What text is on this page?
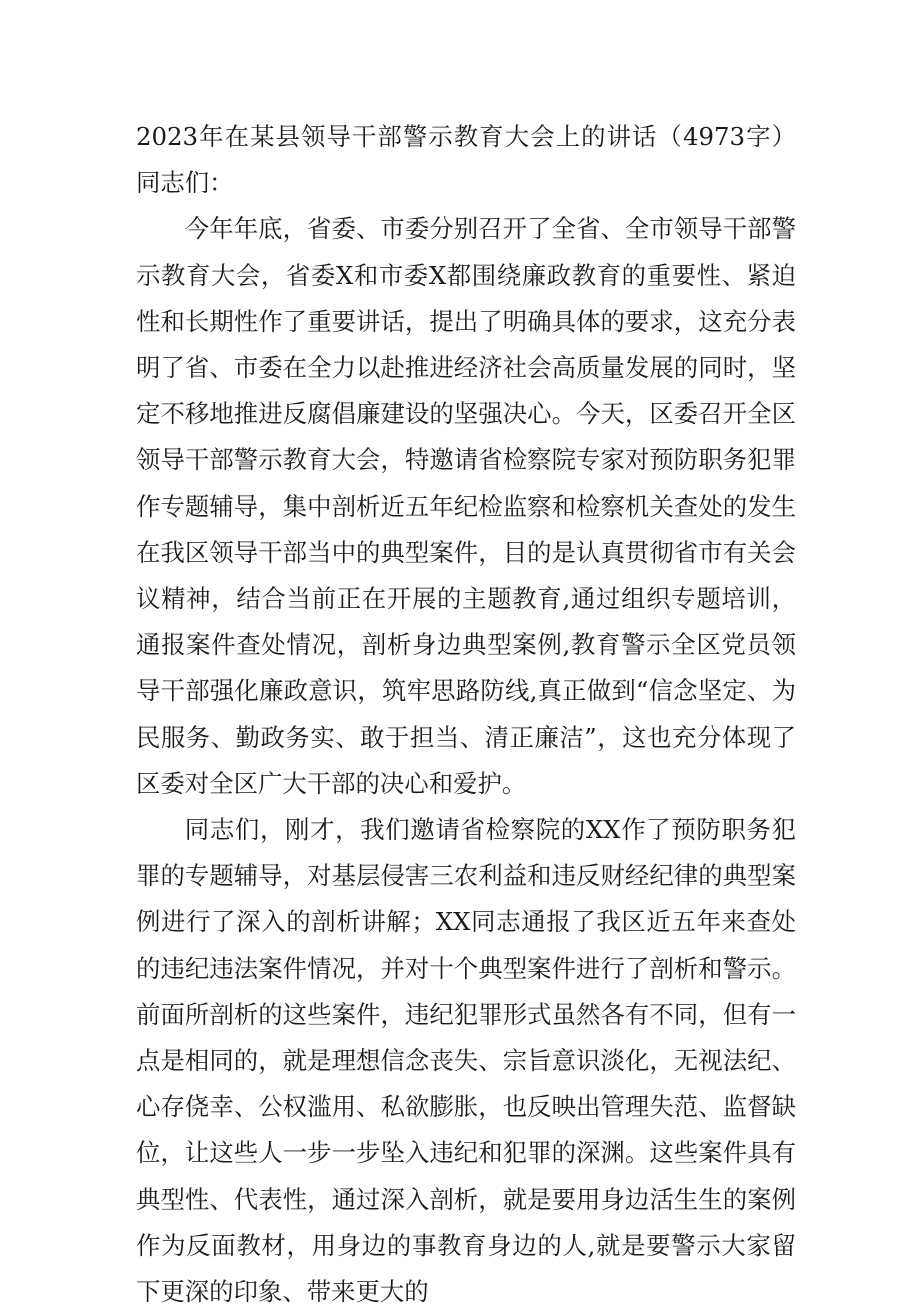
2023年在某县领导干部警示教育大会上的讲话（4973字）同志们：

今年年底，省委、市委分别召开了全省、全市领导干部警示教育大会，省委X和市委X都围绕廉政教育的重要性、紧迫性和长期性作了重要讲话，提出了明确具体的要求，这充分表明了省、市委在全力以赴推进经济社会高质量发展的同时，坚定不移地推进反腐倡廉建设的坚强决心。今天，区委召开全区领导干部警示教育大会，特邀请省检察院专家对预防职务犯罪作专题辅导，集中剖析近五年纪检监察和检察机关查处的发生在我区领导干部当中的典型案件，目的是认真贯彻省市有关会议精神，结合当前正在开展的主题教育,通过组织专题培训，通报案件查处情况，剖析身边典型案例,教育警示全区党员领导干部强化廉政意识，筑牢思路防线,真正做到“信念坚定、为民服务、勤政务实、敢于担当、清正廉洁”，这也充分体现了区委对全区广大干部的决心和爱护。

同志们，刚才，我们邀请省检察院的XX作了预防职务犯罪的专题辅导，对基层侵害三农利益和违反财经纪律的典型案例进行了深入的剖析讲解；XX同志通报了我区近五年来查处的违纪违法案件情况，并对十个典型案件进行了剖析和警示。前面所剖析的这些案件，违纪犯罪形式虽然各有不同，但有一点是相同的，就是理想信念丧失、宗旨意识淡化，无视法纪、心存侥幸、公权滥用、私欲膨胀，也反映出管理失范、监督缺位，让这些人一步一步坠入违纪和犯罪的深渊。这些案件具有典型性、代表性，通过深入剖析，就是要用身边活生生的案例作为反面教材，用身边的事教育身边的人,就是要警示大家留下更深的印象、带来更大的
